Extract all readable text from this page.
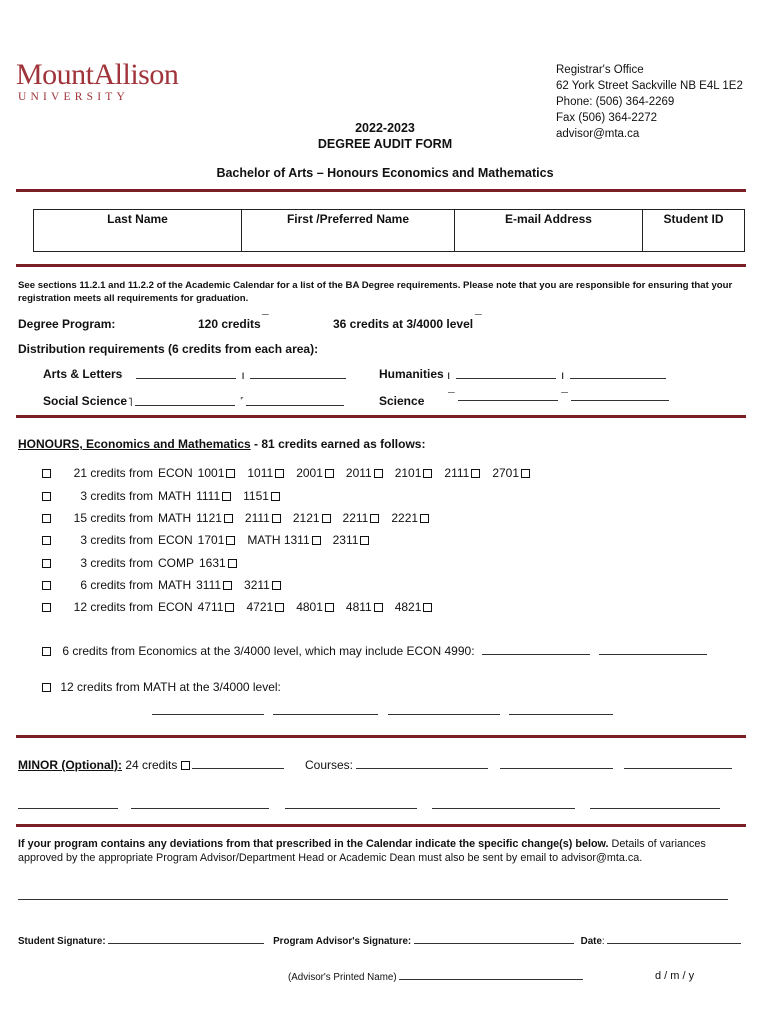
MountAllison
UNIVERSITY
Registrar's Office
62 York Street Sackville NB E4L 1E2
Phone: (506) 364-2269
Fax (506) 364-2272
advisor@mta.ca
2022-2023
DEGREE AUDIT FORM
Bachelor of Arts – Honours Economics and Mathematics
Last Name	First /Preferred Name	E-mail Address	Student ID
See sections 11.2.1 and 11.2.2 of the Academic Calendar for a list of the BA Degree requirements. Please note that you are responsible for ensuring that your registration meets all requirements for graduation.
Degree Program:	120 credits ¯	36 credits at 3/4000 level ¯
Distribution requirements (6 credits from each area):
Arts & Letters	ı	Humanities ı	ı
Social Science ˥	˹	Science ¯	¯
HONOURS, Economics and Mathematics - 81 credits earned as follows:
21 credits from ECON 1001 1011 2001 2011 2101 2111 2701
3 credits from MATH 1111 1151
15 credits from MATH 1121 2111 2121 2211 2221
3 credits from ECON 1701 MATH 1311 2311
3 credits from COMP 1631
6 credits from MATH 3111 3211
12 credits from ECON 4711 4721 4801 4811 4821
6 credits from Economics at the 3/4000 level, which may include ECON 4990:
12 credits from MATH at the 3/4000 level:

MINOR (Optional): 24 credits	Courses:

If your program contains any deviations from that prescribed in the Calendar indicate the specific change(s) below. Details of variances approved by the appropriate Program Advisor/Department Head or Academic Dean must also be sent by email to advisor@mta.ca.
Student Signature:	Program Advisor's Signature:	Date:
(Advisor's Printed Name)	d / m / y
